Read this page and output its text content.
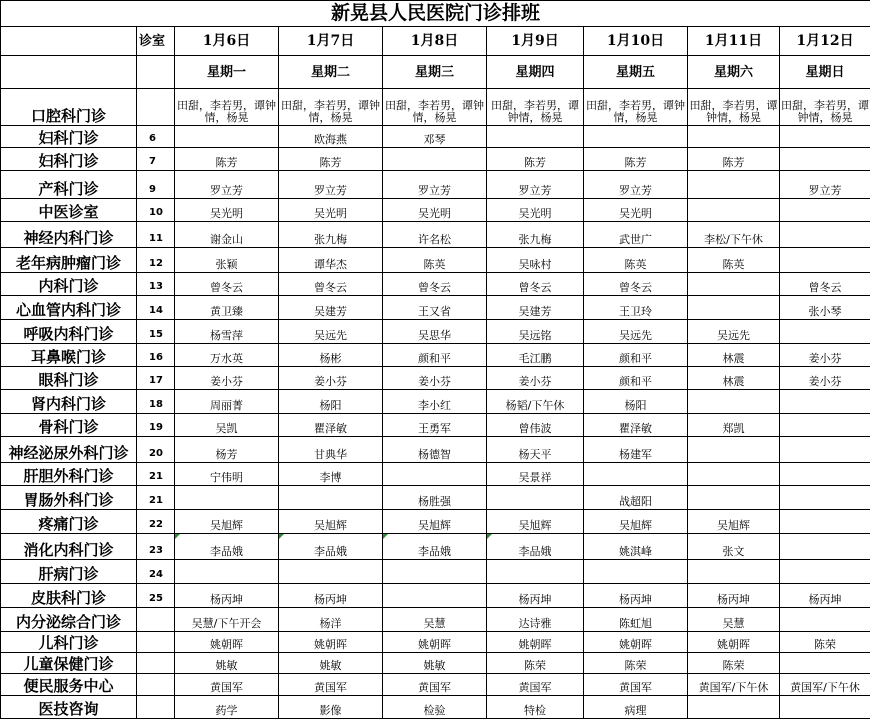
新晃县人民医院门诊排班								
	诊室	1月6日	1月7日	1月8日	1月9日	1月10日	1月11日	1月12日
		星期一	星期二	星期三	星期四	星期五	星期六	星期日
口腔科门诊		田甜，李若男，谭钟情，杨晃	田甜，李若男，谭钟情，杨晃	田甜，李若男，谭钟情，杨晃	田甜，李若男，谭钟情，杨晃	田甜，李若男，谭钟情，杨晃	田甜，李若男，谭钟情，杨晃	田甜，李若男，谭钟情，杨晃
妇科门诊	6		欧海燕	邓琴				
妇科门诊	7	陈芳	陈芳		陈芳	陈芳	陈芳	
产科门诊	9	罗立芳	罗立芳	罗立芳	罗立芳	罗立芳		罗立芳
中医诊室	10	吴光明	吴光明	吴光明	吴光明	吴光明		
神经内科门诊	11	谢金山	张九梅	许名松	张九梅	武世广	李松/下午休	
老年病肿瘤门诊	12	张颖	谭华杰	陈英	吴咏村	陈英	陈英	
内科门诊	13	曾冬云	曾冬云	曾冬云	曾冬云	曾冬云		曾冬云
心血管内科门诊	14	黄卫臻	吴建芳	王又省	吴建芳	王卫玲		张小琴
呼吸内科门诊	15	杨雪萍	吴远先	吴思华	吴远铭	吴远先	吴远先	
耳鼻喉门诊	16	万水英	杨彬	颜和平	毛江鹏	颜和平	林震	姜小芬
眼科门诊	17	姜小芬	姜小芬	姜小芬	姜小芬	颜和平	林震	姜小芬
肾内科门诊	18	周丽菁	杨阳	李小红	杨韬/下午休	杨阳		
骨科门诊	19	吴凯	瞿泽敏	王勇军	曾伟波	瞿泽敏	郑凯	
神经泌尿外科门诊	20	杨芳	甘典华	杨德智	杨天平	杨建军		
肝胆外科门诊	21	宁伟明	李博		吴景祥			
胃肠外科门诊	21			杨胜强		战超阳		
疼痛门诊	22	吴旭辉	吴旭辉	吴旭辉	吴旭辉	吴旭辉	吴旭辉	
消化内科门诊	23	李品娥	李品娥	李品娥	李品娥	姚淇峰	张文	
肝病门诊	24							
皮肤科门诊	25	杨丙坤	杨丙坤		杨丙坤	杨丙坤	杨丙坤	杨丙坤
内分泌综合门诊		吴慧/下午开会	杨洋	吴慧	达诗雅	陈虹旭	吴慧	
儿科门诊		姚朝晖	姚朝晖	姚朝晖	姚朝晖	姚朝晖	姚朝晖	陈荣
儿童保健门诊		姚敏	姚敏	姚敏	陈荣	陈荣	陈荣	
便民服务中心		黄国军	黄国军	黄国军	黄国军	黄国军	黄国军/下午休	黄国军/下午休
医技咨询		药学	影像	检验	特检	病理		
